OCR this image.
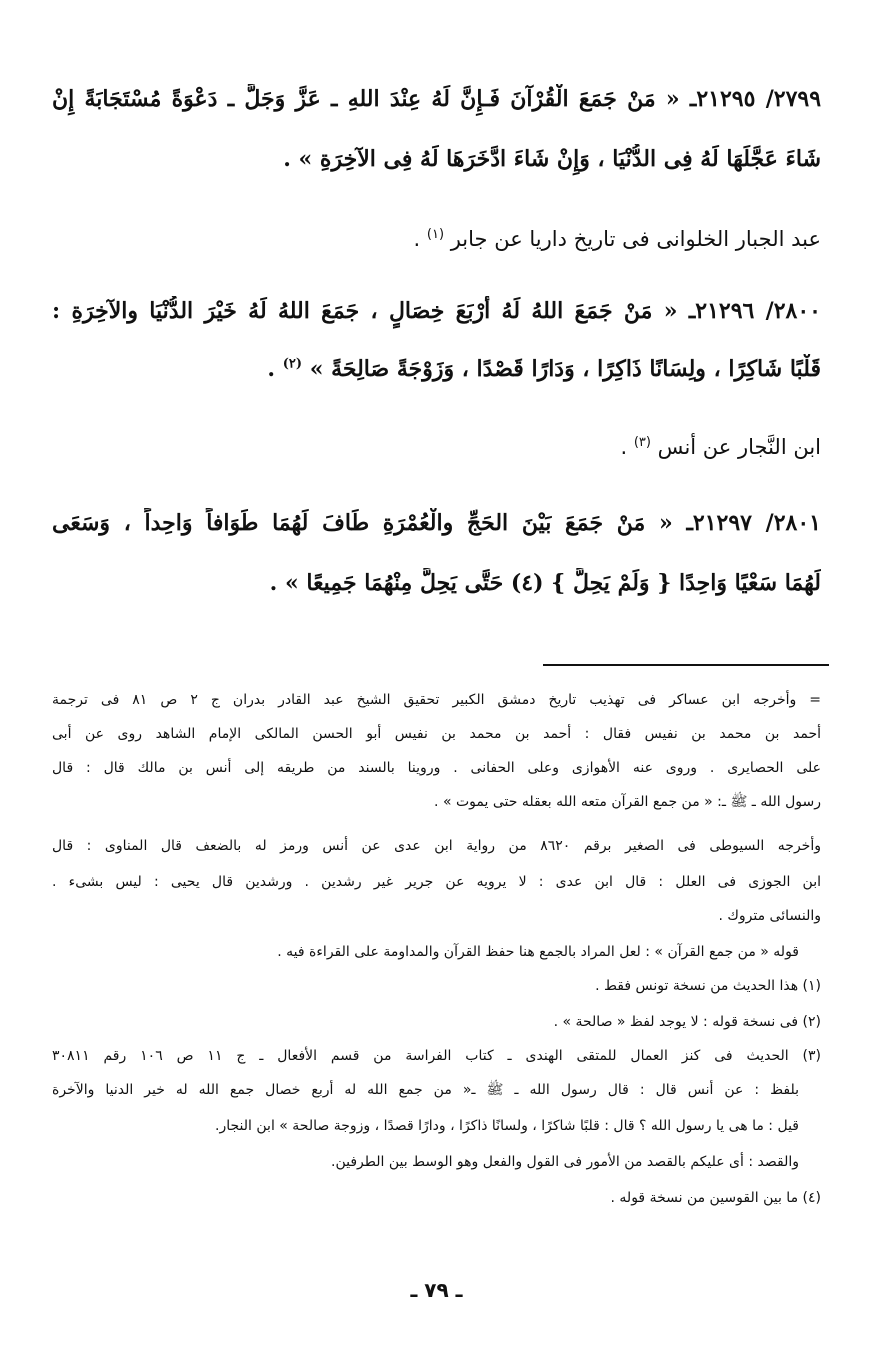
٢٧٩٩/ ٢١٢٩٥ـ « مَنْ جَمَعَ الْقُرْآنَ فَـإِنَّ لَهُ عِنْدَ اللهِ ـ عَزَّ وَجَلَّ ـ دَعْوَةً مُسْتَجَابَةً إِنْ
شَاءَ عَجَّلَهَا لَهُ فِى الدُّنْيَا ، وَإِنْ شَاءَ ادَّخَرَهَا لَهُ فِى الآخِرَةِ » .
عبد الجبار الخلوانى فى تاريخ داريا عن جابر $^{(١)}$ .
٢٨٠٠/ ٢١٢٩٦ـ « مَنْ جَمَعَ اللهُ لَهُ أَرْبَعَ خِصَالٍ ، جَمَعَ اللهُ لَهُ خَيْرَ الدُّنْيَا والآخِرَةِ :
قَلْبًا شَاكِرًا ، ولِسَانًا ذَاكِرًا ، وَدَارًا قَصْدًا ، وَزَوْجَةً صَالِحَةً » $^{(٢)}$ .
ابن النَّجار عن أنس $^{(٣)}$ .
٢٨٠١/ ٢١٢٩٧ـ « مَنْ جَمَعَ بَيْنَ الحَجِّ والْعُمْرَةِ طَافَ لَهُمَا طَوَافاً وَاحِداً ، وَسَعَى
لَهُمَا سَعْيًا وَاحِدًا { وَلَمْ يَحِلَّ } (٤) حَتَّى يَحِلَّ مِنْهُمَا جَمِيعًا » .
= وأخرجه ابن عساكر فى تهذيب تاريخ دمشق الكبير تحقيق الشيخ عبد القادر بدران ج ٢ ص ٨١ فى ترجمة
أحمد بن محمد بن نفيس فقال : أحمد بن محمد بن نفيس أبو الحسن المالكى الإمام الشاهد روى عن أبى
على الحصايرى . وروى عنه الأهوازى وعلى الحفانى . وروينا بالسند من طريقه إلى أنس بن مالك قال : قال
رسول الله ـ ﷺ ـ: « من جمع القرآن متعه الله بعقله حتى يموت » .
وأخرجه السيوطى فى الصغير برقم ٨٦٢٠ من رواية ابن عدى عن أنس ورمز له بالضعف قال المناوى : قال
ابن الجوزى فى العلل : قال ابن عدى : لا يرويه عن جرير غير رشدين . ورشدين قال يحيى : ليس بشىء .
والنسائى متروك .
قوله « من جمع القرآن » : لعل المراد بالجمع هنا حفظ القرآن والمداومة على القراءة فيه .
(١) هذا الحديث من نسخة تونس فقط .
(٢) فى نسخة قوله : لا يوجد لفظ « صالحة » .
(٣) الحديث فى كنز العمال للمتقى الهندى ـ كتاب الفراسة من قسم الأفعال ـ ج ١١ ص ١٠٦ رقم ٣٠٨١١
بلفظ : عن أنس قال : قال رسول الله ـ ﷺ ـ« من جمع الله له أربع خصال جمع الله له خير الدنيا والآخرة
قيل : ما هى يا رسول الله ؟ قال : قلبًا شاكرًا ، ولسانًا ذاكرًا ، ودارًا قصدًا ، وزوجة صالحة » ابن النجار.
والقصد : أى عليكم بالقصد من الأمور فى القول والفعل وهو الوسط بين الطرفين.
(٤) ما بين القوسين من نسخة قوله .
ـ ٧٩ ـ
